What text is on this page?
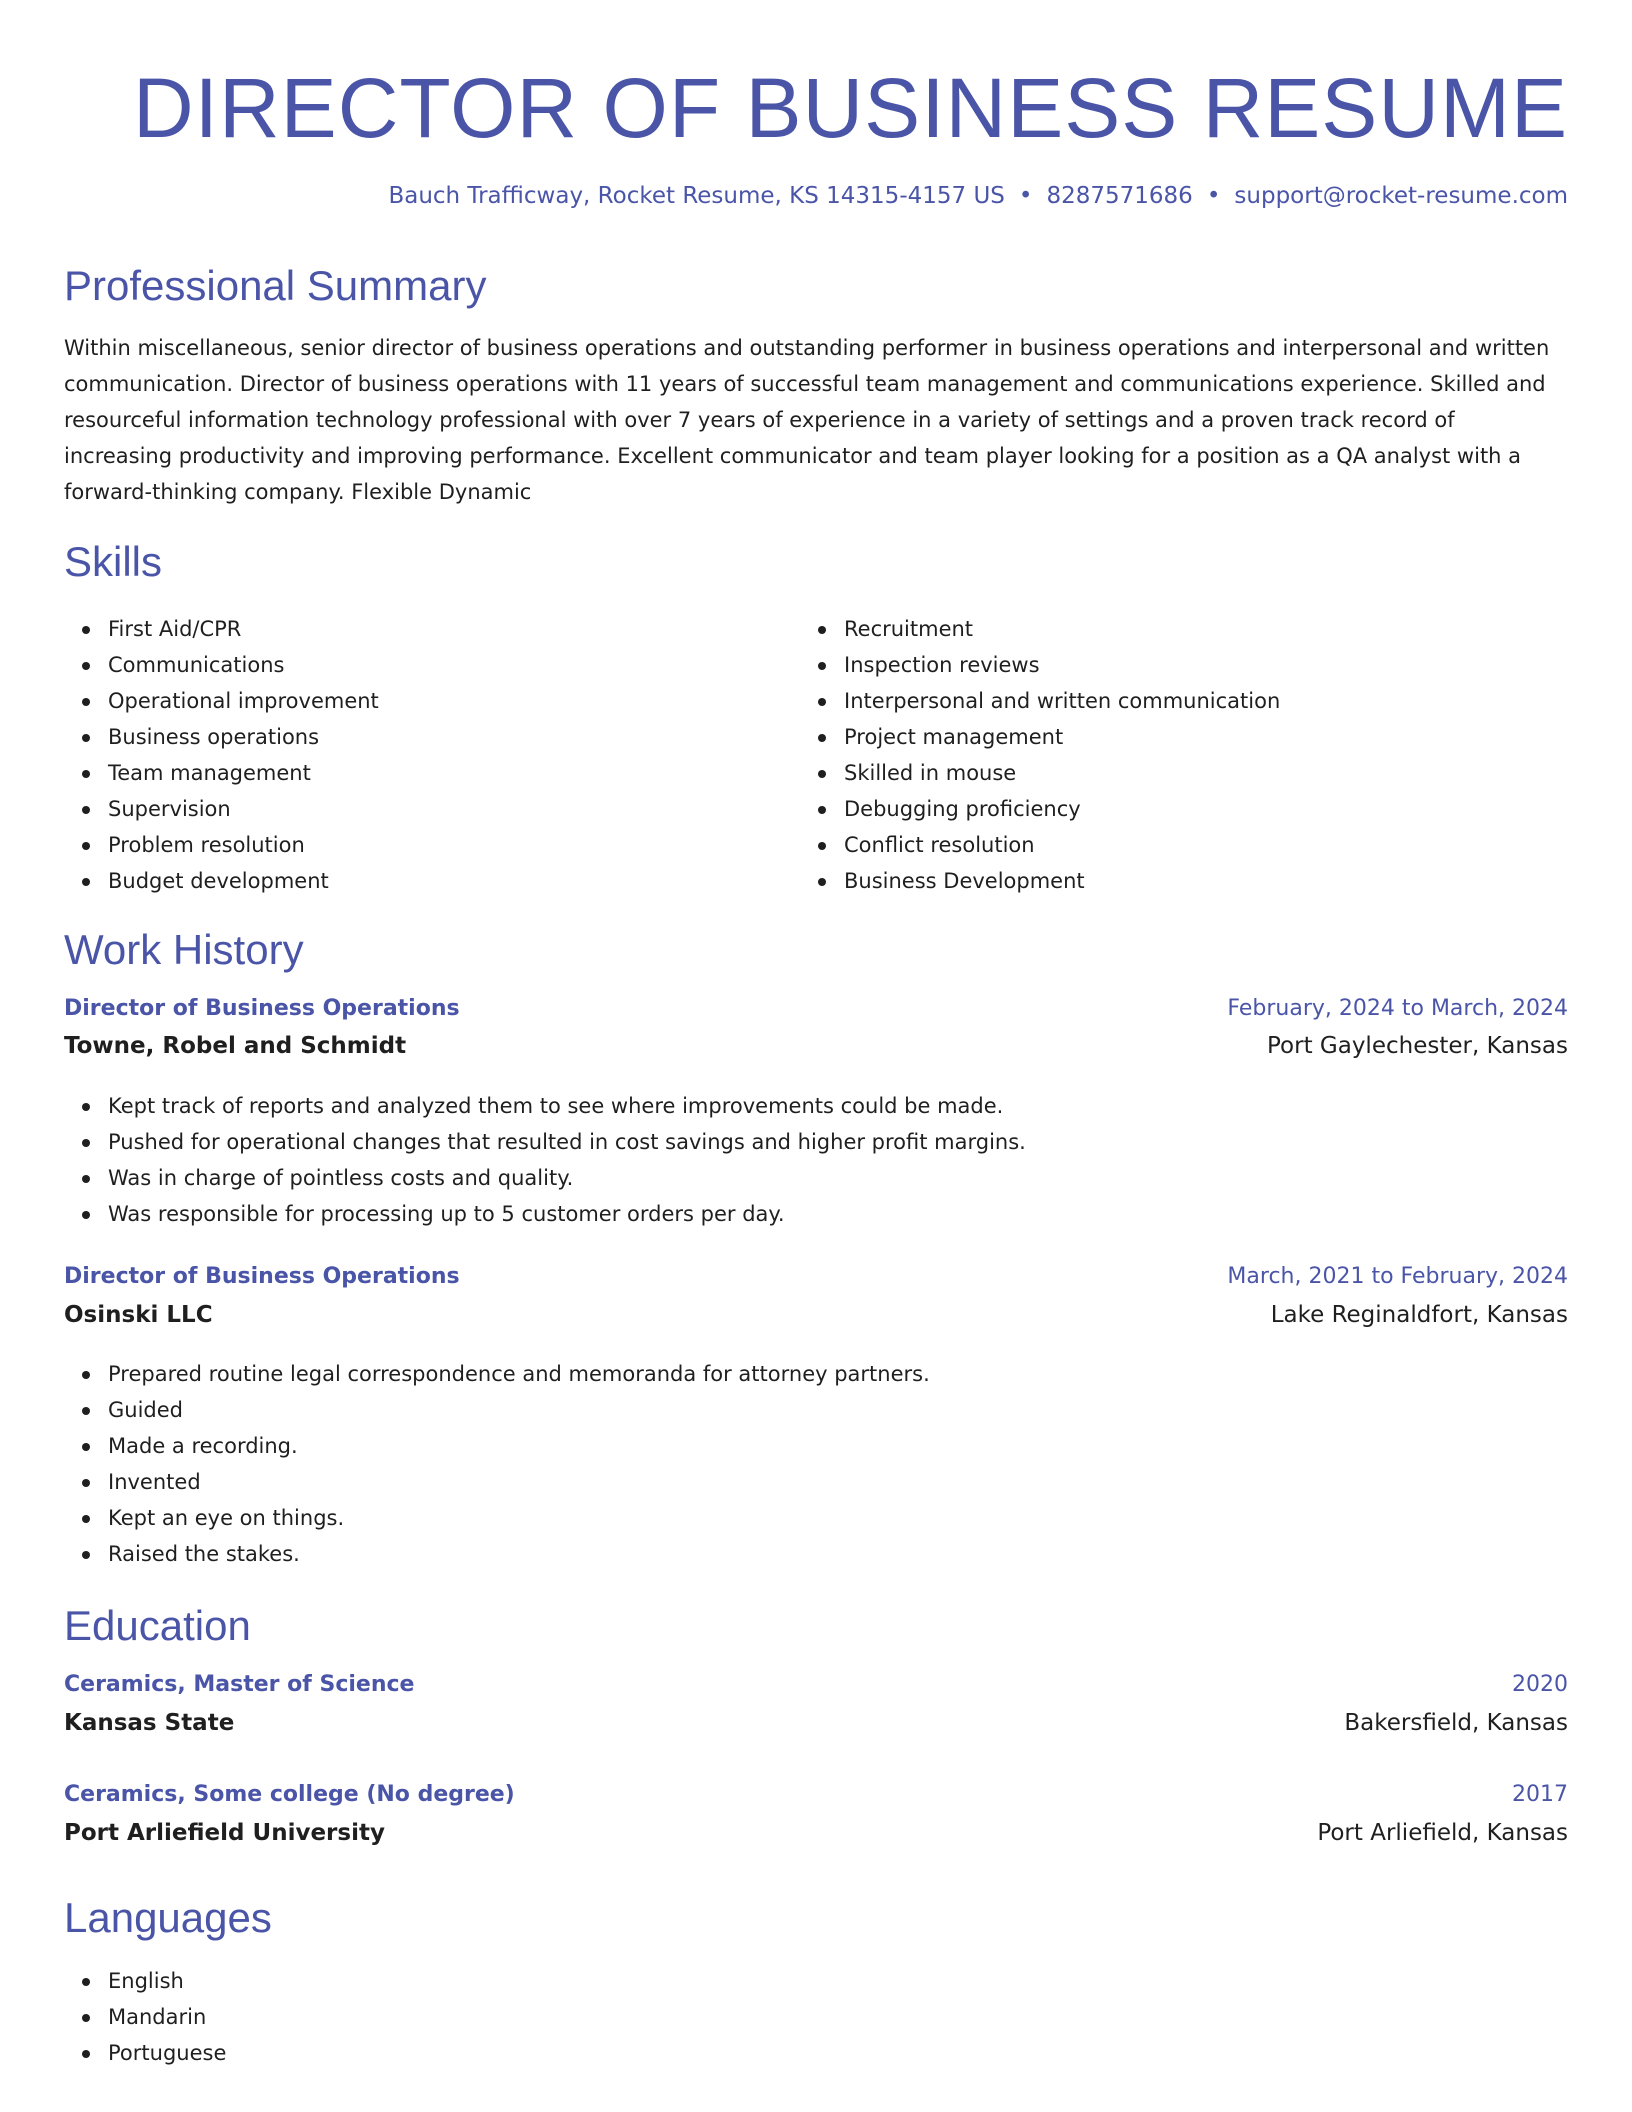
DIRECTOR OF BUSINESS RESUME
Bauch Trafficway, Rocket Resume, KS 14315-4157 US • 8287571686 • support@rocket-resume.com
Professional Summary

Within miscellaneous, senior director of business operations and outstanding performer in business operations and interpersonal and written communication. Director of business operations with 11 years of successful team management and communications experience. Skilled and resourceful information technology professional with over 7 years of experience in a variety of settings and a proven track record of increasing productivity and improving performance. Excellent communicator and team player looking for a position as a QA analyst with a forward-thinking company. Flexible Dynamic

Skills
First Aid/CPR
Communications
Operational improvement
Business operations
Team management
Supervision
Problem resolution
Budget development
Recruitment
Inspection reviews
Interpersonal and written communication
Project management
Skilled in mouse
Debugging proficiency
Conflict resolution
Business Development
Work History
Director of Business Operations	February, 2024 to March, 2024
Towne, Robel and Schmidt	Port Gaylechester, Kansas
Kept track of reports and analyzed them to see where improvements could be made.
Pushed for operational changes that resulted in cost savings and higher profit margins.
Was in charge of pointless costs and quality.
Was responsible for processing up to 5 customer orders per day.
Director of Business Operations	March, 2021 to February, 2024
Osinski LLC	Lake Reginaldfort, Kansas
Prepared routine legal correspondence and memoranda for attorney partners.
Guided
Made a recording.
Invented
Kept an eye on things.
Raised the stakes.
Education
Ceramics, Master of Science	2020
Kansas State	Bakersfield, Kansas
Ceramics, Some college (No degree)	2017
Port Arliefield University	Port Arliefield, Kansas
Languages
English
Mandarin
Portuguese
